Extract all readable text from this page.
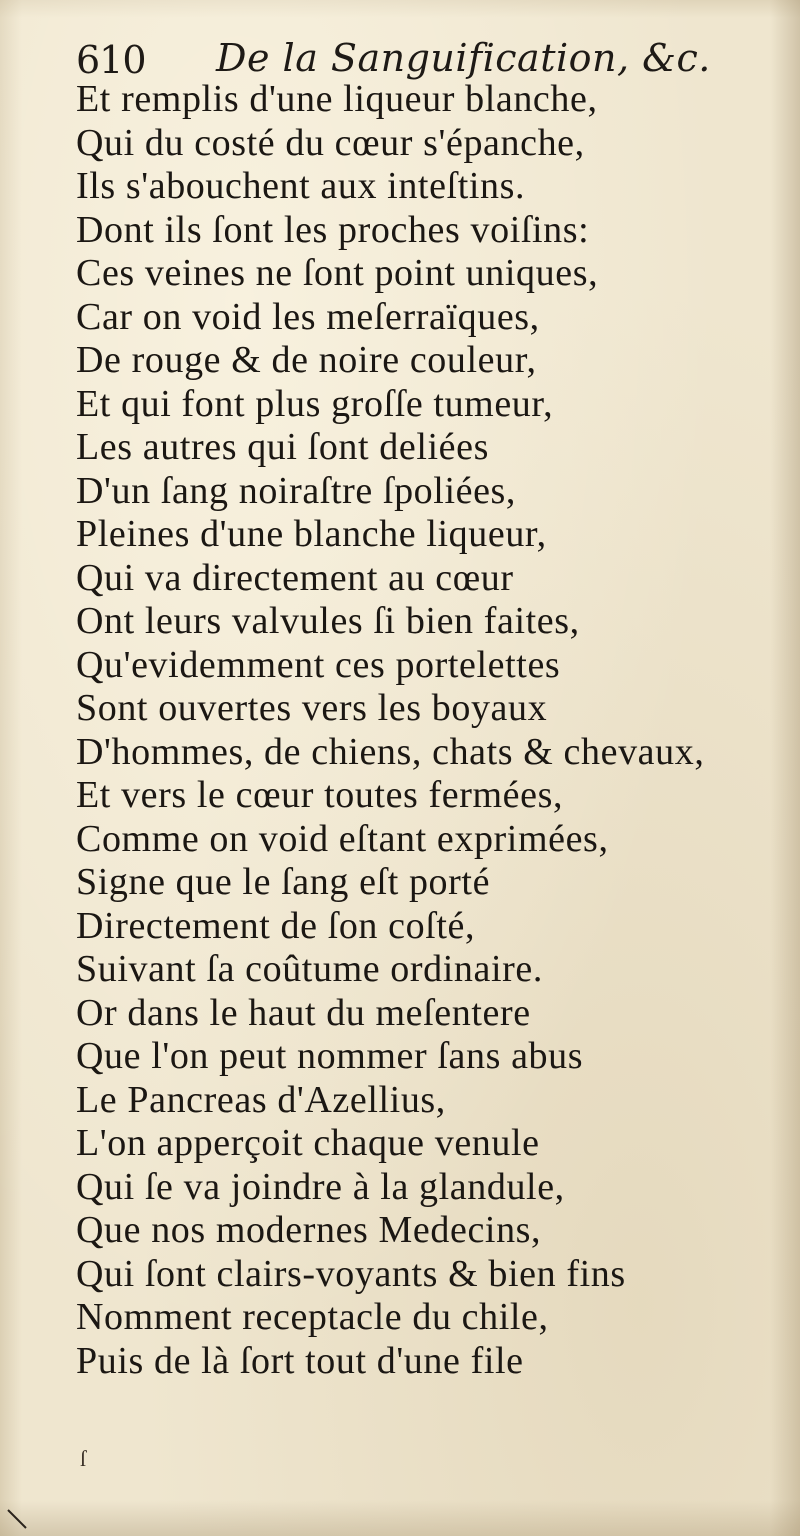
610 De la Sanguification, &c.
Et remplis d'une liqueur blanche,
Qui du costé du cœur s'épanche,
Ils s'abouchent aux inteſtins.
Dont ils ſont les proches voiſins:
Ces veines ne ſont point uniques,
Car on void les meſerraïques,
De rouge & de noire couleur,
Et qui font plus groſſe tumeur,
Les autres qui ſont deliées
D'un ſang noiraſtre ſpoliées,
Pleines d'une blanche liqueur,
Qui va directement au cœur
Ont leurs valvules ſi bien faites,
Qu'evidemment ces portelettes
Sont ouvertes vers les boyaux
D'hommes, de chiens, chats & chevaux,
Et vers le cœur toutes fermées,
Comme on void eſtant exprimées,
Signe que le ſang eſt porté
Directement de ſon coſté,
Suivant ſa coûtume ordinaire.
Or dans le haut du meſentere
Que l'on peut nommer ſans abus
Le Pancreas d'Azellius,
L'on apperçoit chaque venule
Qui ſe va joindre à la glandule,
Que nos modernes Medecins,
Qui ſont clairs-voyants & bien fins
Nomment receptacle du chile,
Puis de là ſort tout d'une file
ſ
